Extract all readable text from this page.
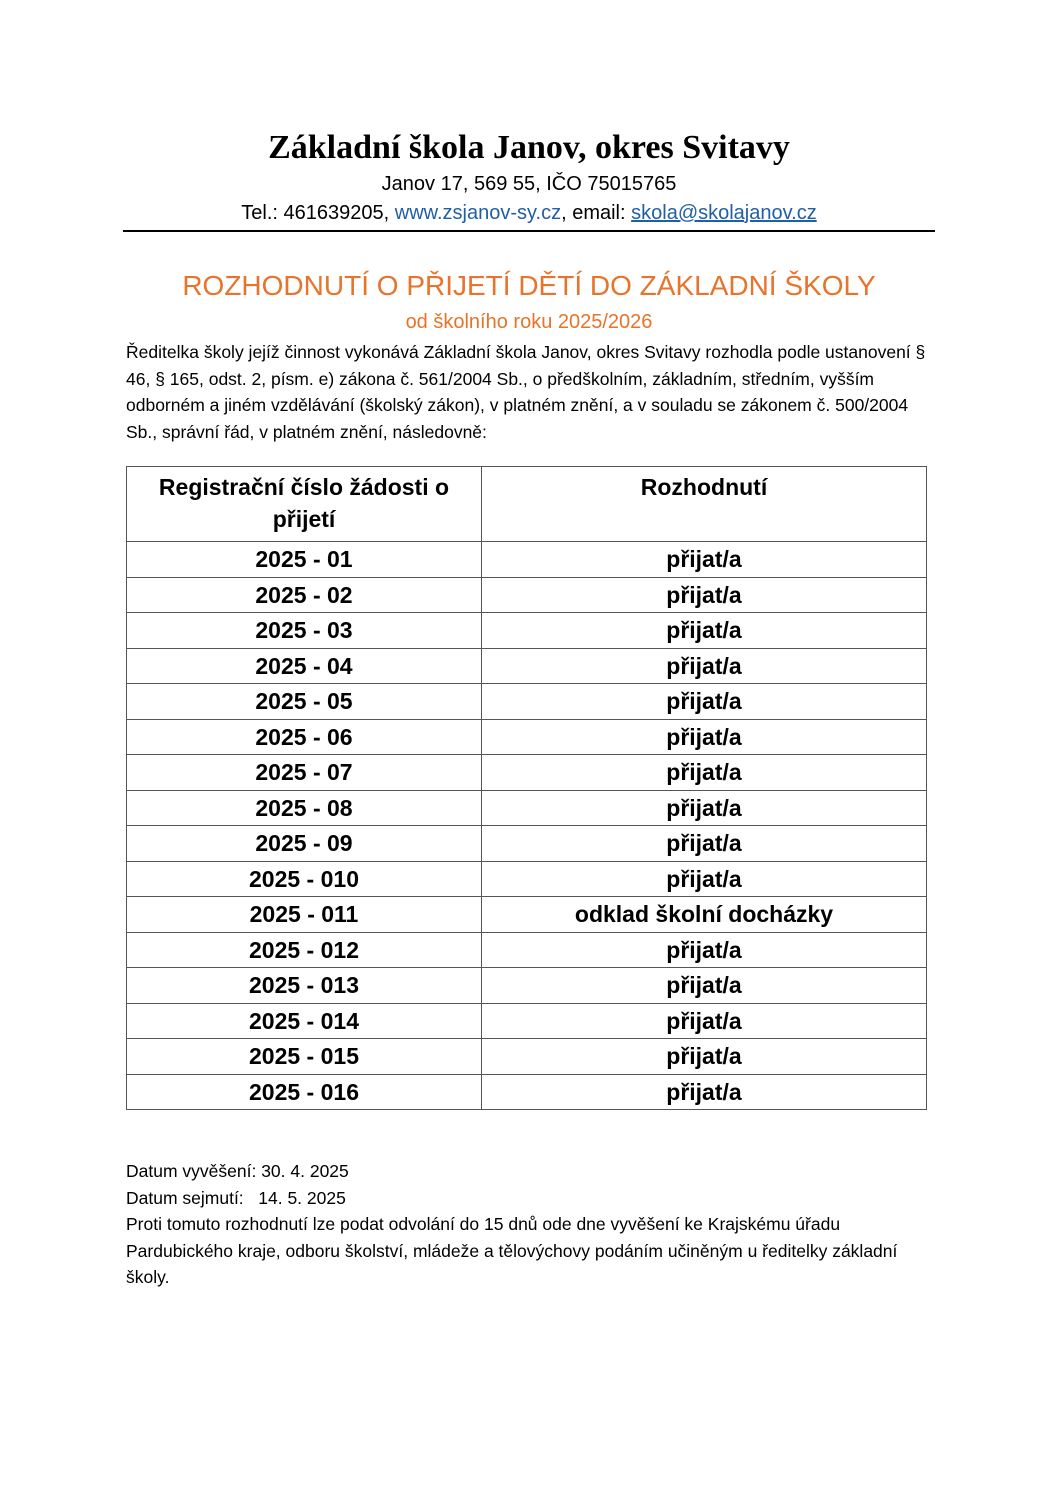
Základní škola Janov, okres Svitavy
Janov 17, 569 55, IČO 75015765
Tel.: 461639205, www.zsjanov-sy.cz, email: skola@skolajanov.cz
ROZHODNUTÍ O PŘIJETÍ DĚTÍ DO ZÁKLADNÍ ŠKOLY
od školního roku 2025/2026
Ředitelka školy jejíž činnost vykonává Základní škola Janov, okres Svitavy rozhodla podle ustanovení § 46, § 165, odst. 2, písm. e) zákona č. 561/2004 Sb., o předškolním, základním, středním, vyšším odborném a jiném vzdělávání (školský zákon), v platném znění, a v souladu se zákonem č. 500/2004 Sb., správní řád, v platném znění, následovně:
Registrační číslo žádosti o přijetí	Rozhodnutí
2025 - 01	přijat/a
2025 - 02	přijat/a
2025 - 03	přijat/a
2025 - 04	přijat/a
2025 - 05	přijat/a
2025 - 06	přijat/a
2025 - 07	přijat/a
2025 - 08	přijat/a
2025 - 09	přijat/a
2025 - 010	přijat/a
2025 - 011	odklad školní docházky
2025 - 012	přijat/a
2025 - 013	přijat/a
2025 - 014	přijat/a
2025 - 015	přijat/a
2025 - 016	přijat/a
Datum vyvěšení: 30. 4. 2025
Datum sejmutí:   14. 5. 2025
Proti tomuto rozhodnutí lze podat odvolání do 15 dnů ode dne vyvěšení ke Krajskému úřadu Pardubického kraje, odboru školství, mládeže a tělovýchovy podáním učiněným u ředitelky základní školy.
